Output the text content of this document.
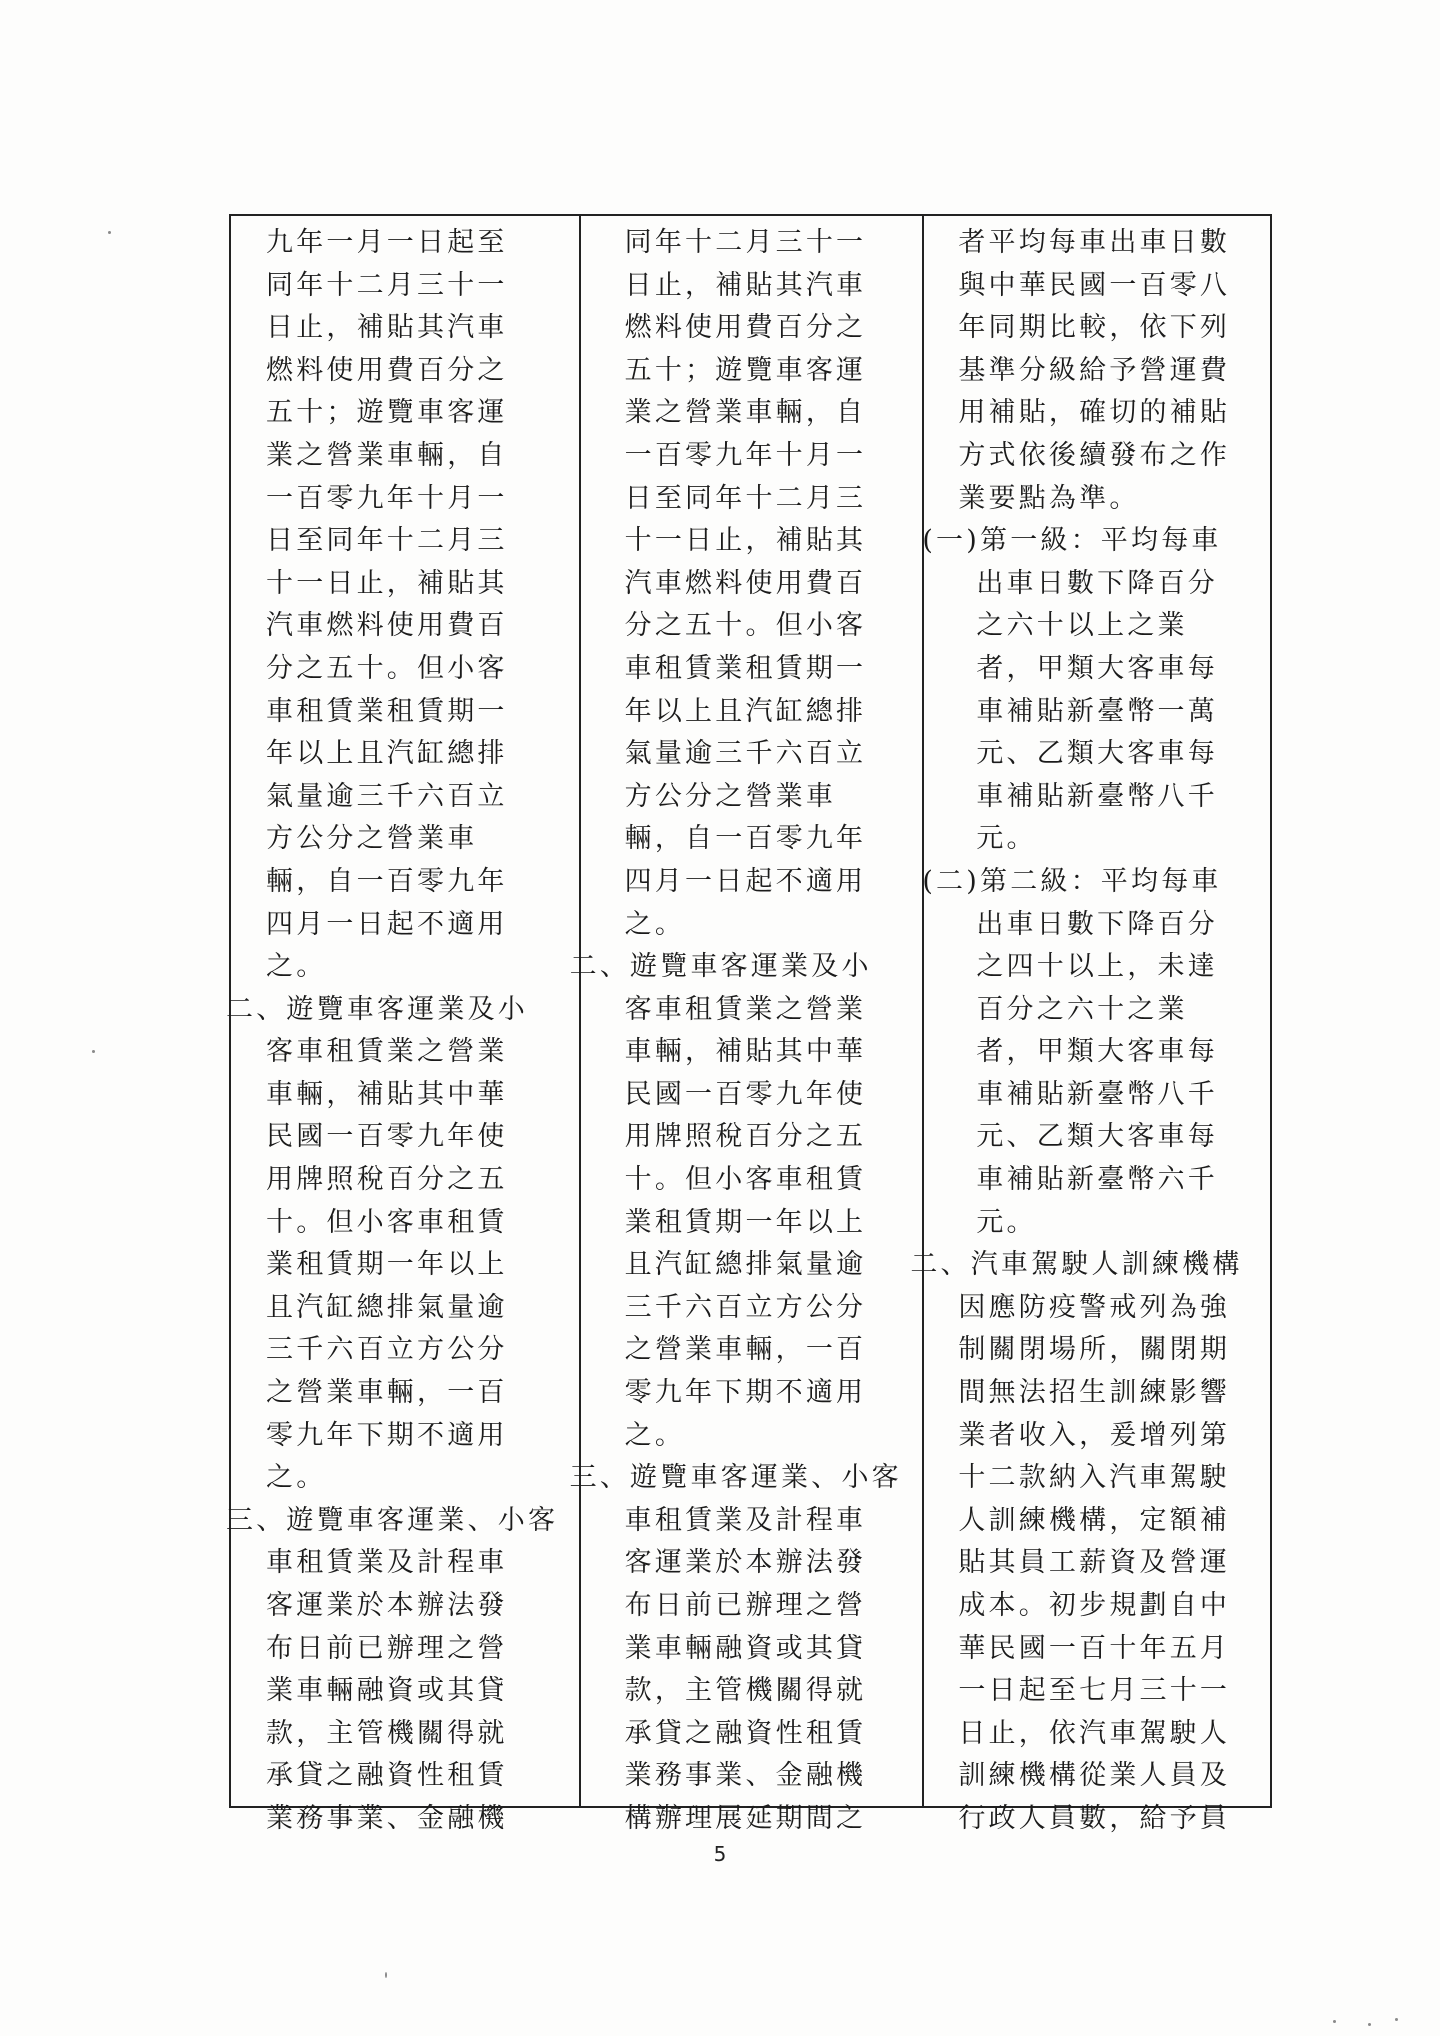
九年一月一日起至
同年十二月三十一
日止，補貼其汽車
燃料使用費百分之
五十；遊覽車客運
業之營業車輛，自
一百零九年十月一
日至同年十二月三
十一日止，補貼其
汽車燃料使用費百
分之五十。但小客
車租賃業租賃期一
年以上且汽缸總排
氣量逾三千六百立
方公分之營業車
輛，自一百零九年
四月一日起不適用
之。
二、遊覽車客運業及小
客車租賃業之營業
車輛，補貼其中華
民國一百零九年使
用牌照稅百分之五
十。但小客車租賃
業租賃期一年以上
且汽缸總排氣量逾
三千六百立方公分
之營業車輛，一百
零九年下期不適用
之。
三、遊覽車客運業、小客
車租賃業及計程車
客運業於本辦法發
布日前已辦理之營
業車輛融資或其貸
款，主管機關得就
承貸之融資性租賃
業務事業、金融機
同年十二月三十一
日止，補貼其汽車
燃料使用費百分之
五十；遊覽車客運
業之營業車輛，自
一百零九年十月一
日至同年十二月三
十一日止，補貼其
汽車燃料使用費百
分之五十。但小客
車租賃業租賃期一
年以上且汽缸總排
氣量逾三千六百立
方公分之營業車
輛，自一百零九年
四月一日起不適用
之。
二、遊覽車客運業及小
客車租賃業之營業
車輛，補貼其中華
民國一百零九年使
用牌照稅百分之五
十。但小客車租賃
業租賃期一年以上
且汽缸總排氣量逾
三千六百立方公分
之營業車輛，一百
零九年下期不適用
之。
三、遊覽車客運業、小客
車租賃業及計程車
客運業於本辦法發
布日前已辦理之營
業車輛融資或其貸
款，主管機關得就
承貸之融資性租賃
業務事業、金融機
構辦理展延期間之
者平均每車出車日數
與中華民國一百零八
年同期比較，依下列
基準分級給予營運費
用補貼，確切的補貼
方式依後續發布之作
業要點為準。
(一)第一級：平均每車
出車日數下降百分
之六十以上之業
者，甲類大客車每
車補貼新臺幣一萬
元、乙類大客車每
車補貼新臺幣八千
元。
(二)第二級：平均每車
出車日數下降百分
之四十以上，未達
百分之六十之業
者，甲類大客車每
車補貼新臺幣八千
元、乙類大客車每
車補貼新臺幣六千
元。
二、汽車駕駛人訓練機構
因應防疫警戒列為強
制關閉場所，關閉期
間無法招生訓練影響
業者收入，爰增列第
十二款納入汽車駕駛
人訓練機構，定額補
貼其員工薪資及營運
成本。初步規劃自中
華民國一百十年五月
一日起至七月三十一
日止，依汽車駕駛人
訓練機構從業人員及
行政人員數，給予員
5
